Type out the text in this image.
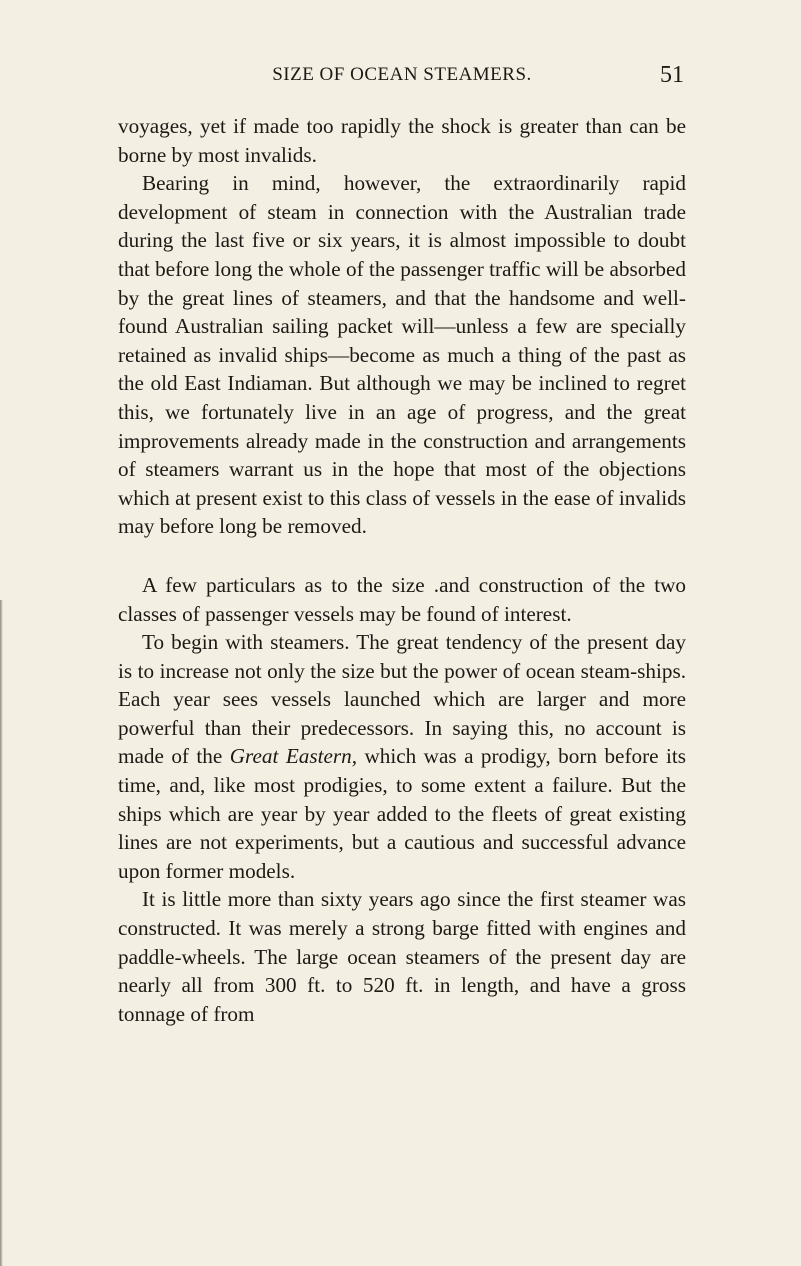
SIZE OF OCEAN STEAMERS.	51

voyages, yet if made too rapidly the shock is greater than can be borne by most invalids.

Bearing in mind, however, the extraordinarily rapid development of steam in connection with the Australian trade during the last five or six years, it is almost impossible to doubt that before long the whole of the passenger traffic will be absorbed by the great lines of steamers, and that the handsome and well-found Australian sailing packet will—unless a few are specially retained as invalid ships—become as much a thing of the past as the old East Indiaman. But although we may be inclined to regret this, we fortunately live in an age of progress, and the great improvements already made in the construction and arrangements of steamers warrant us in the hope that most of the objections which at present exist to this class of vessels in the ease of invalids may before long be removed.

A few particulars as to the size .and construction of the two classes of passenger vessels may be found of interest.

To begin with steamers. The great tendency of the present day is to increase not only the size but the power of ocean steam-ships. Each year sees vessels launched which are larger and more powerful than their predecessors. In saying this, no account is made of the Great Eastern, which was a prodigy, born before its time, and, like most prodigies, to some extent a failure. But the ships which are year by year added to the fleets of great existing lines are not experiments, but a cautious and successful advance upon former models.

It is little more than sixty years ago since the first steamer was constructed. It was merely a strong barge fitted with engines and paddle-wheels. The large ocean steamers of the present day are nearly all from 300 ft. to 520 ft. in length, and have a gross tonnage of from
